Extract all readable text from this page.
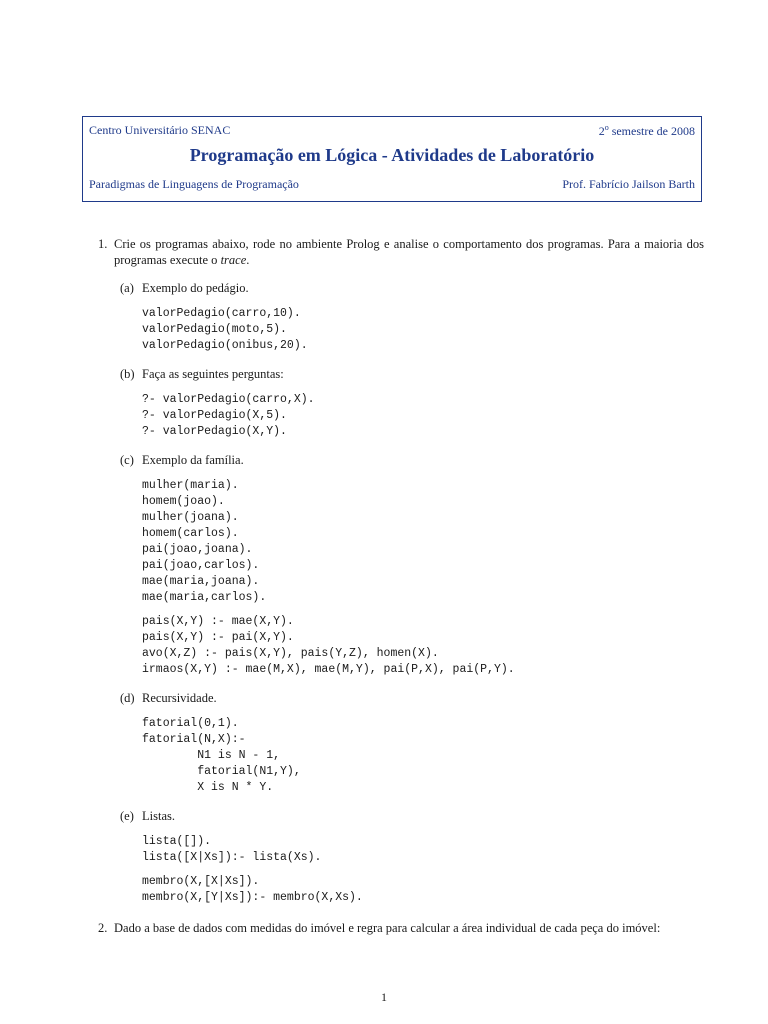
Centro Universitário SENAC	2$^o$ semestre de 2008
Programação em Lógica - Atividades de Laboratório
Paradigmas de Linguagens de Programação	Prof. Fabrício Jailson Barth
1. Crie os programas abaixo, rode no ambiente Prolog e analise o comportamento dos programas. Para a maioria dos programas execute o trace.

(a) Exemplo do pedágio.
valorPedagio(carro,10).
valorPedagio(moto,5).
valorPedagio(onibus,20).
(b) Faça as seguintes perguntas:
?- valorPedagio(carro,X).
?- valorPedagio(X,5).
?- valorPedagio(X,Y).
(c) Exemplo da família.
mulher(maria).
homem(joao).
mulher(joana).
homem(carlos).
pai(joao,joana).
pai(joao,carlos).
mae(maria,joana).
mae(maria,carlos).
pais(X,Y) :- mae(X,Y).
pais(X,Y) :- pai(X,Y).
avo(X,Z) :- pais(X,Y), pais(Y,Z), homen(X).
irmaos(X,Y) :- mae(M,X), mae(M,Y), pai(P,X), pai(P,Y).
(d) Recursividade.
fatorial(0,1).
fatorial(N,X):-
N1 is N - 1,
fatorial(N1,Y),
X is N * Y.
(e) Listas.
lista([]).
lista([X|Xs]):- lista(Xs).
membro(X,[X|Xs]).
membro(X,[Y|Xs]):- membro(X,Xs).
2. Dado a base de dados com medidas do imóvel e regra para calcular a área individual de cada peça do imóvel:

1
